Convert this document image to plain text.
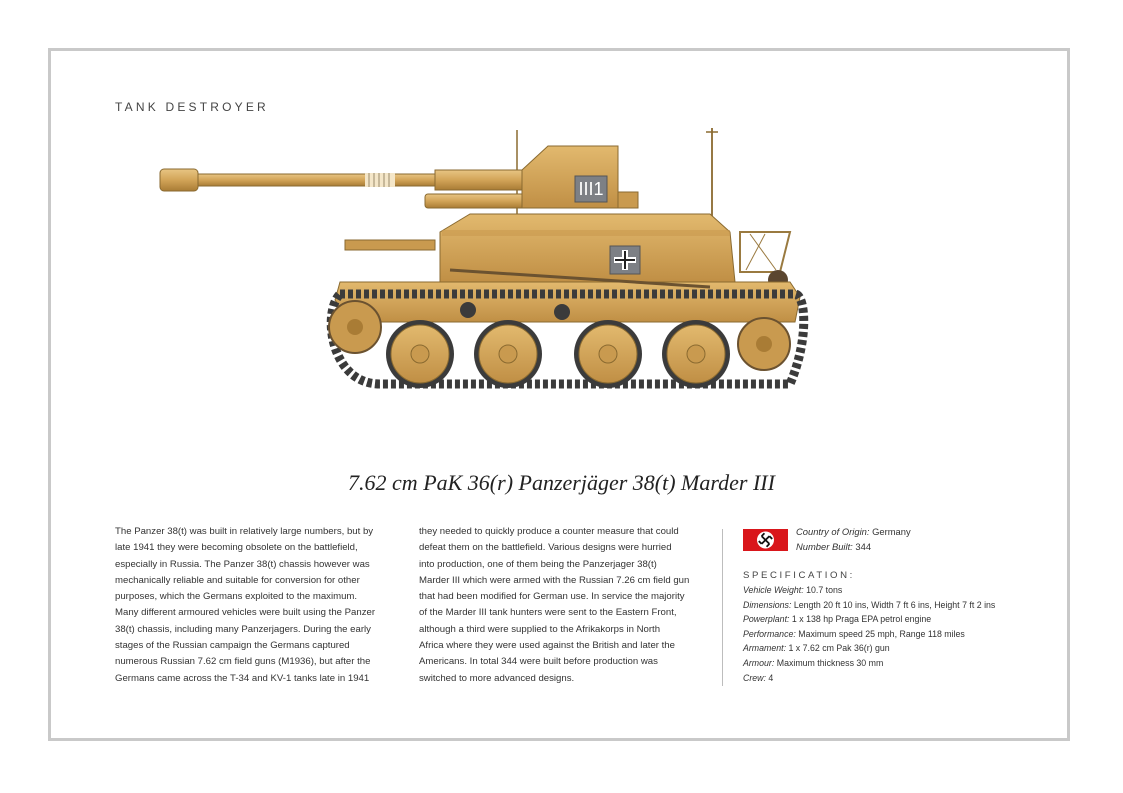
TANK DESTROYER
III1
7.62 cm PaK 36(r) Panzerjäger 38(t) Marder III
The Panzer 38(t) was built in relatively large numbers, but by
late 1941 they were becoming obsolete on the battlefield,
especially in Russia. The Panzer 38(t) chassis however was
mechanically reliable and suitable for conversion for other
purposes, which the Germans exploited to the maximum.
Many different armoured vehicles were built using the Panzer
38(t) chassis, including many Panzerjagers. During the early
stages of the Russian campaign the Germans captured
numerous Russian 7.62 cm field guns (M1936), but after the
Germans came across the T-34 and KV-1 tanks late in 1941
they needed to quickly produce a counter measure that could
defeat them on the battlefield. Various designs were hurried
into production, one of them being the Panzerjager 38(t)
Marder III which were armed with the Russian 7.26 cm field gun
that had been modified for German use. In service the majority
of the Marder III tank hunters were sent to the Eastern Front,
although a third were supplied to the Afrikakorps in North
Africa where they were used against the British and later the
Americans. In total 344 were built before production was
switched to more advanced designs.
Country of Origin: Germany
Number Built: 344
SPECIFICATION:
Vehicle Weight: 10.7 tons
Dimensions: Length 20 ft 10 ins, Width 7 ft 6 ins, Height 7 ft 2 ins
Powerplant: 1 x 138 hp Praga EPA petrol engine
Performance: Maximum speed 25 mph, Range 118 miles
Armament: 1 x 7.62 cm Pak 36(r) gun
Armour: Maximum thickness 30 mm
Crew: 4
